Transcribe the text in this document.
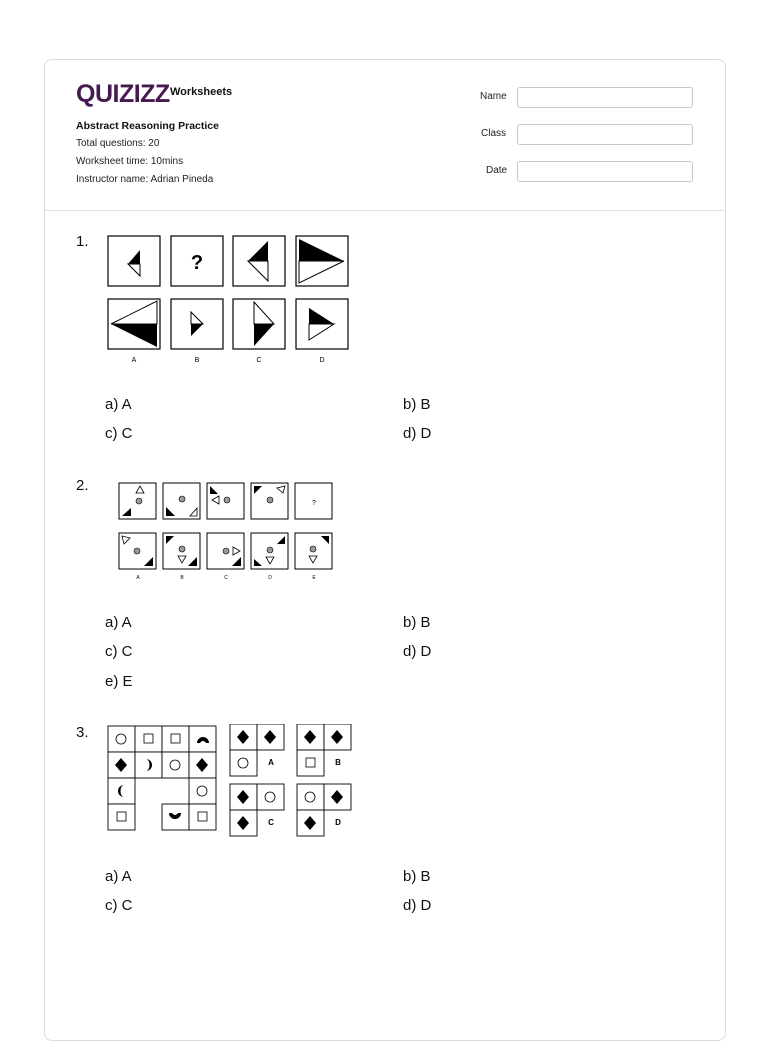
QUIZIZZ Worksheets
Abstract Reasoning Practice
Total questions: 20
Worksheet time: 10mins
Instructor name: Adrian Pineda
Name
Class
Date
1.
?
A	B	C	D
a) A	b) B
c) C	d) D
2.
?
A	B	C	D	E
a) A	b) B
c) C	d) D
e) E
3.
A	B
C	D
a) A	b) B
c) C	d) D
